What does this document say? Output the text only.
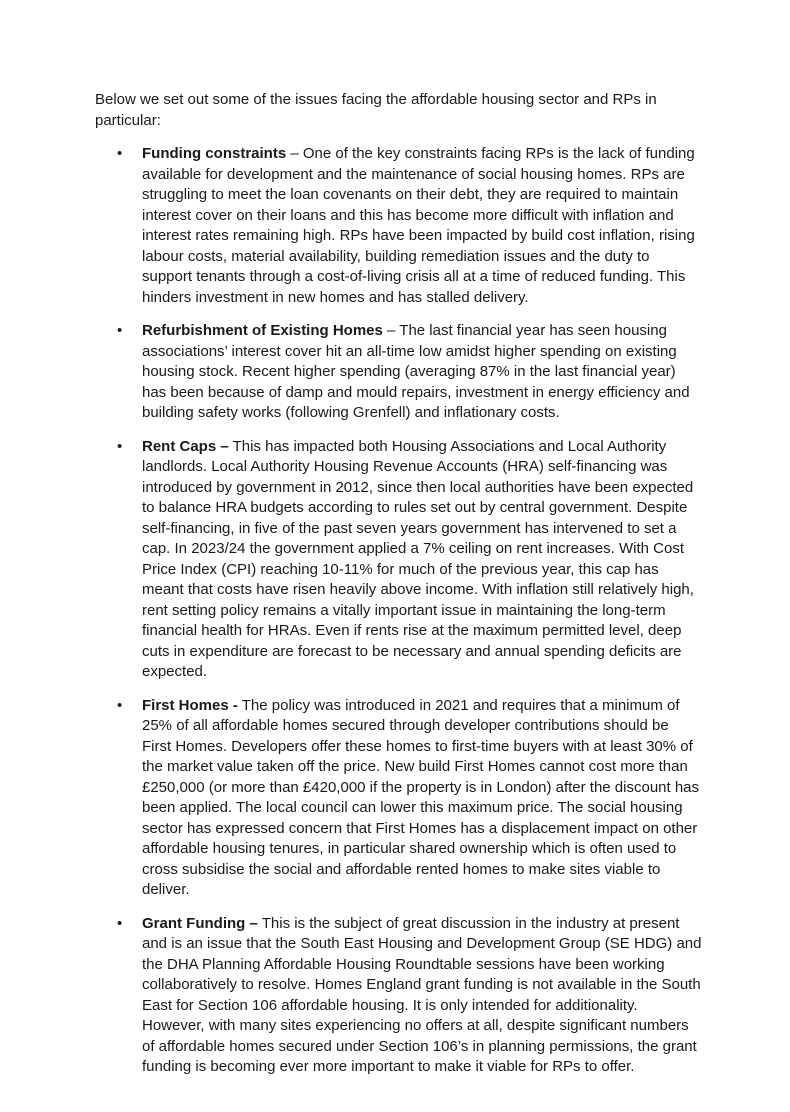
Below we set out some of the issues facing the affordable housing sector and RPs in particular:

• Funding constraints – One of the key constraints facing RPs is the lack of funding available for development and the maintenance of social housing homes. RPs are struggling to meet the loan covenants on their debt, they are required to maintain interest cover on their loans and this has become more difficult with inflation and interest rates remaining high. RPs have been impacted by build cost inflation, rising labour costs, material availability, building remediation issues and the duty to support tenants through a cost-of-living crisis all at a time of reduced funding. This hinders investment in new homes and has stalled delivery.
• Refurbishment of Existing Homes – The last financial year has seen housing associations’ interest cover hit an all-time low amidst higher spending on existing housing stock. Recent higher spending (averaging 87% in the last financial year) has been because of damp and mould repairs, investment in energy efficiency and building safety works (following Grenfell) and inflationary costs.
• Rent Caps – This has impacted both Housing Associations and Local Authority landlords. Local Authority Housing Revenue Accounts (HRA) self-financing was introduced by government in 2012, since then local authorities have been expected to balance HRA budgets according to rules set out by central government. Despite self-financing, in five of the past seven years government has intervened to set a cap. In 2023/24 the government applied a 7% ceiling on rent increases. With Cost Price Index (CPI) reaching 10-11% for much of the previous year, this cap has meant that costs have risen heavily above income. With inflation still relatively high, rent setting policy remains a vitally important issue in maintaining the long-term financial health for HRAs. Even if rents rise at the maximum permitted level, deep cuts in expenditure are forecast to be necessary and annual spending deficits are expected.
• First Homes - The policy was introduced in 2021 and requires that a minimum of 25% of all affordable homes secured through developer contributions should be First Homes. Developers offer these homes to first-time buyers with at least 30% of the market value taken off the price. New build First Homes cannot cost more than £250,000 (or more than £420,000 if the property is in London) after the discount has been applied. The local council can lower this maximum price. The social housing sector has expressed concern that First Homes has a displacement impact on other affordable housing tenures, in particular shared ownership which is often used to cross subsidise the social and affordable rented homes to make sites viable to deliver.
• Grant Funding – This is the subject of great discussion in the industry at present and is an issue that the South East Housing and Development Group (SE HDG) and the DHA Planning Affordable Housing Roundtable sessions have been working collaboratively to resolve. Homes England grant funding is not available in the South East for Section 106 affordable housing. It is only intended for additionality. However, with many sites experiencing no offers at all, despite significant numbers of affordable homes secured under Section 106’s in planning permissions, the grant funding is becoming ever more important to make it viable for RPs to offer.
